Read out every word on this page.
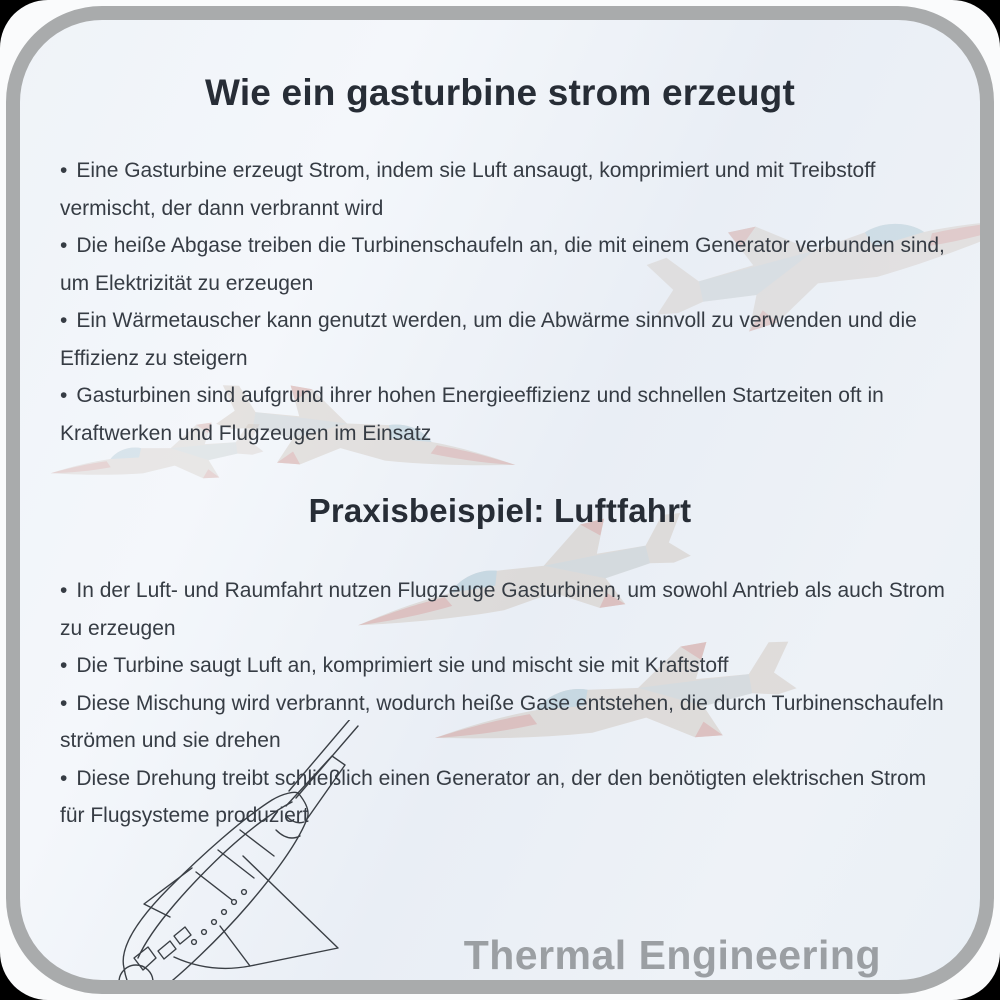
Wie ein gasturbine strom erzeugt

• Eine Gasturbine erzeugt Strom, indem sie Luft ansaugt, komprimiert und mit Treibstoff vermischt, der dann verbrannt wird

• Die heiße Abgase treiben die Turbinenschaufeln an, die mit einem Generator verbunden sind, um Elektrizität zu erzeugen

• Ein Wärmetauscher kann genutzt werden, um die Abwärme sinnvoll zu verwenden und die Effizienz zu steigern

• Gasturbinen sind aufgrund ihrer hohen Energieeffizienz und schnellen Startzeiten oft in Kraftwerken und Flugzeugen im Einsatz

Praxisbeispiel: Luftfahrt

• In der Luft- und Raumfahrt nutzen Flugzeuge Gasturbinen, um sowohl Antrieb als auch Strom zu erzeugen

• Die Turbine saugt Luft an, komprimiert sie und mischt sie mit Kraftstoff

• Diese Mischung wird verbrannt, wodurch heiße Gase entstehen, die durch Turbinenschaufeln strömen und sie drehen

• Diese Drehung treibt schließlich einen Generator an, der den benötigten elektrischen Strom für Flugsysteme produziert

Thermal Engineering
